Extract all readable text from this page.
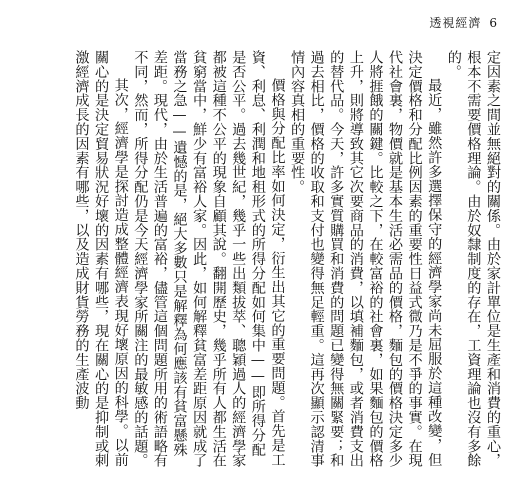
透視經濟 6

定因素之間並無絕對的關係。由於家計單位是生產和消費的重心，根本不需要價格理論。由於奴隸制度的存在，工資理論也沒有多餘的。

最近，雖然許多選擇保守的經濟學家尚未屈服於這種改變，但決定價格和分配比例因素的重要性日益式微乃是不爭的事實。在現代社會裏，物價就是基本生活必需品的價格，麵包的價格決定多少人將捱餓的關鍵。比較之下，在較富裕的社會裏，如果麵包的價格上升，則將導致其它次要商品的消費，以填補麵包，或者消費支出的替代品。今天，許多實質購買和消費的問題已變得無關緊要；和過去相比，價格的收取和支付也變得無足輕重。這再次顯示認清事情內容真相的重要性。

價格與分配比率如何決定，衍生出其它的重要問題。首先是工資、利息、利潤和地租形式的所得分配如何集中——即所得分配是否公平。過去幾世紀，幾乎一些出類拔萃、聰穎過人的經濟學家都被這種不公平的現象自顧其說。翻開歷史，幾乎所有人都生活在貧窮當中，鮮少有富裕人家。因此，如何解釋貧富差距原因就成了當務之急——遺憾的是，絕大多數只是解釋為何應該有貧富懸殊差距。現代，由於生活普遍的富裕，儘管這個問題所用的術語略有不同，然而，所得分配仍是今天經濟學家所關注的最敏感的話題。

其次，經濟學是探討造成整體經濟表現好壞原因的科學。以前關心的是決定貿易狀況好壞的因素有哪些，現在關心的是抑制或刺激經濟成長的因素有哪些，以及造成財貨勞務的生產波動
